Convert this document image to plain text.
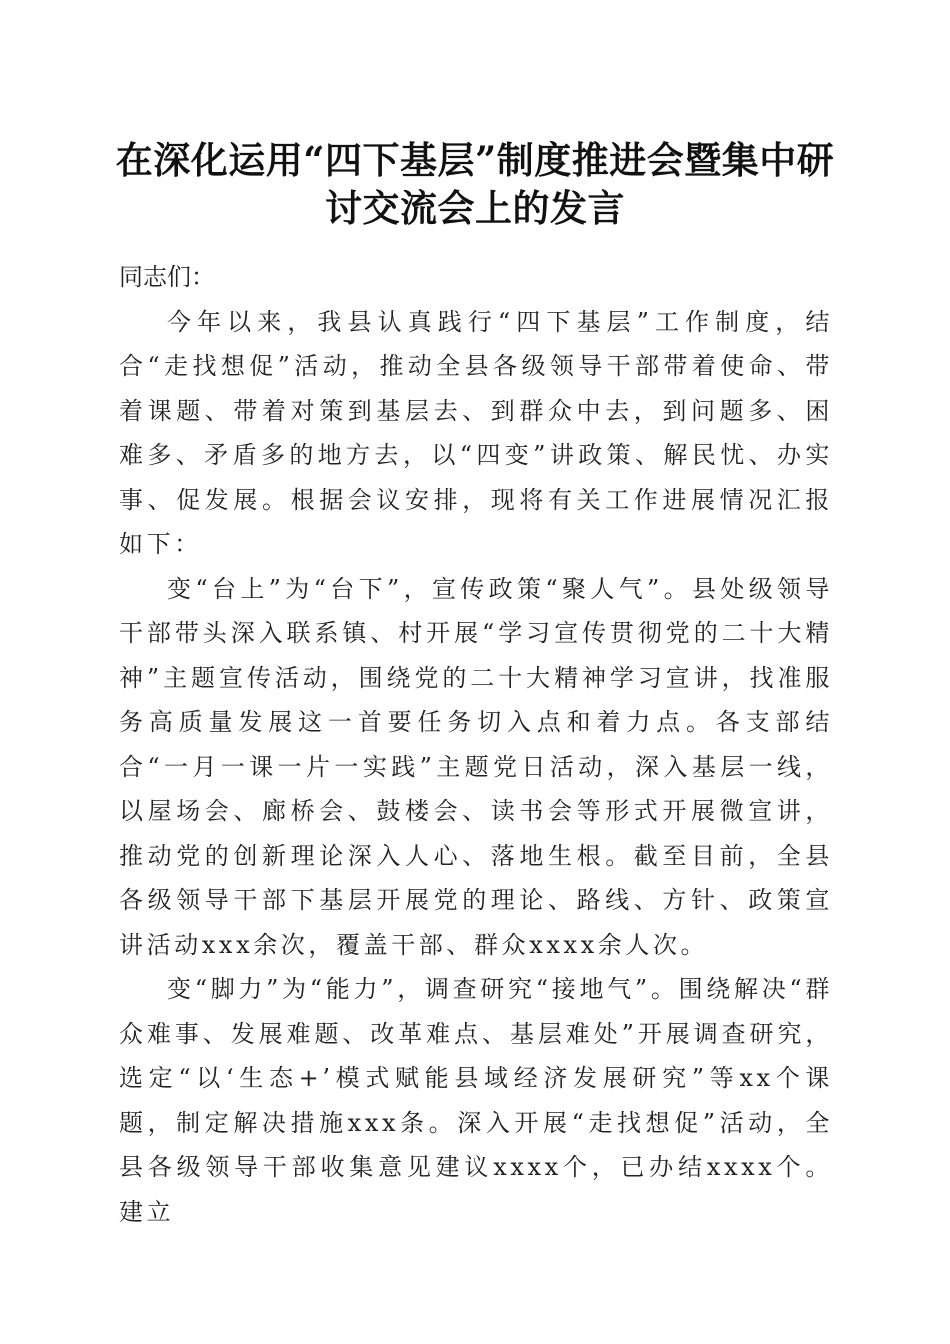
在深化运用“四下基层”制度推进会暨集中研
讨交流会上的发言

同志们：

今年以来，我县认真践行“四下基层”工作制度，结合“走找想促”活动，推动全县各级领导干部带着使命、带着课题、带着对策到基层去、到群众中去，到问题多、困难多、矛盾多的地方去，以“四变”讲政策、解民忧、办实事、促发展。根据会议安排，现将有关工作进展情况汇报如下：

变“台上”为“台下”，宣传政策“聚人气”。县处级领导干部带头深入联系镇、村开展“学习宣传贯彻党的二十大精神”主题宣传活动，围绕党的二十大精神学习宣讲，找准服务高质量发展这一首要任务切入点和着力点。各支部结合“一月一课一片一实践”主题党日活动，深入基层一线，以屋场会、廊桥会、鼓楼会、读书会等形式开展微宣讲，推动党的创新理论深入人心、落地生根。截至目前，全县各级领导干部下基层开展党的理论、路线、方针、政策宣讲活动xxx余次，覆盖干部、群众xxxx余人次。

变“脚力”为“能力”，调查研究“接地气”。围绕解决“群众难事、发展难题、改革难点、基层难处”开展调查研究，选定“以‘生态+’模式赋能县域经济发展研究”等xx个课题，制定解决措施xxx条。深入开展“走找想促”活动，全县各级领导干部收集意见建议xxxx个，已办结xxxx个。建立
